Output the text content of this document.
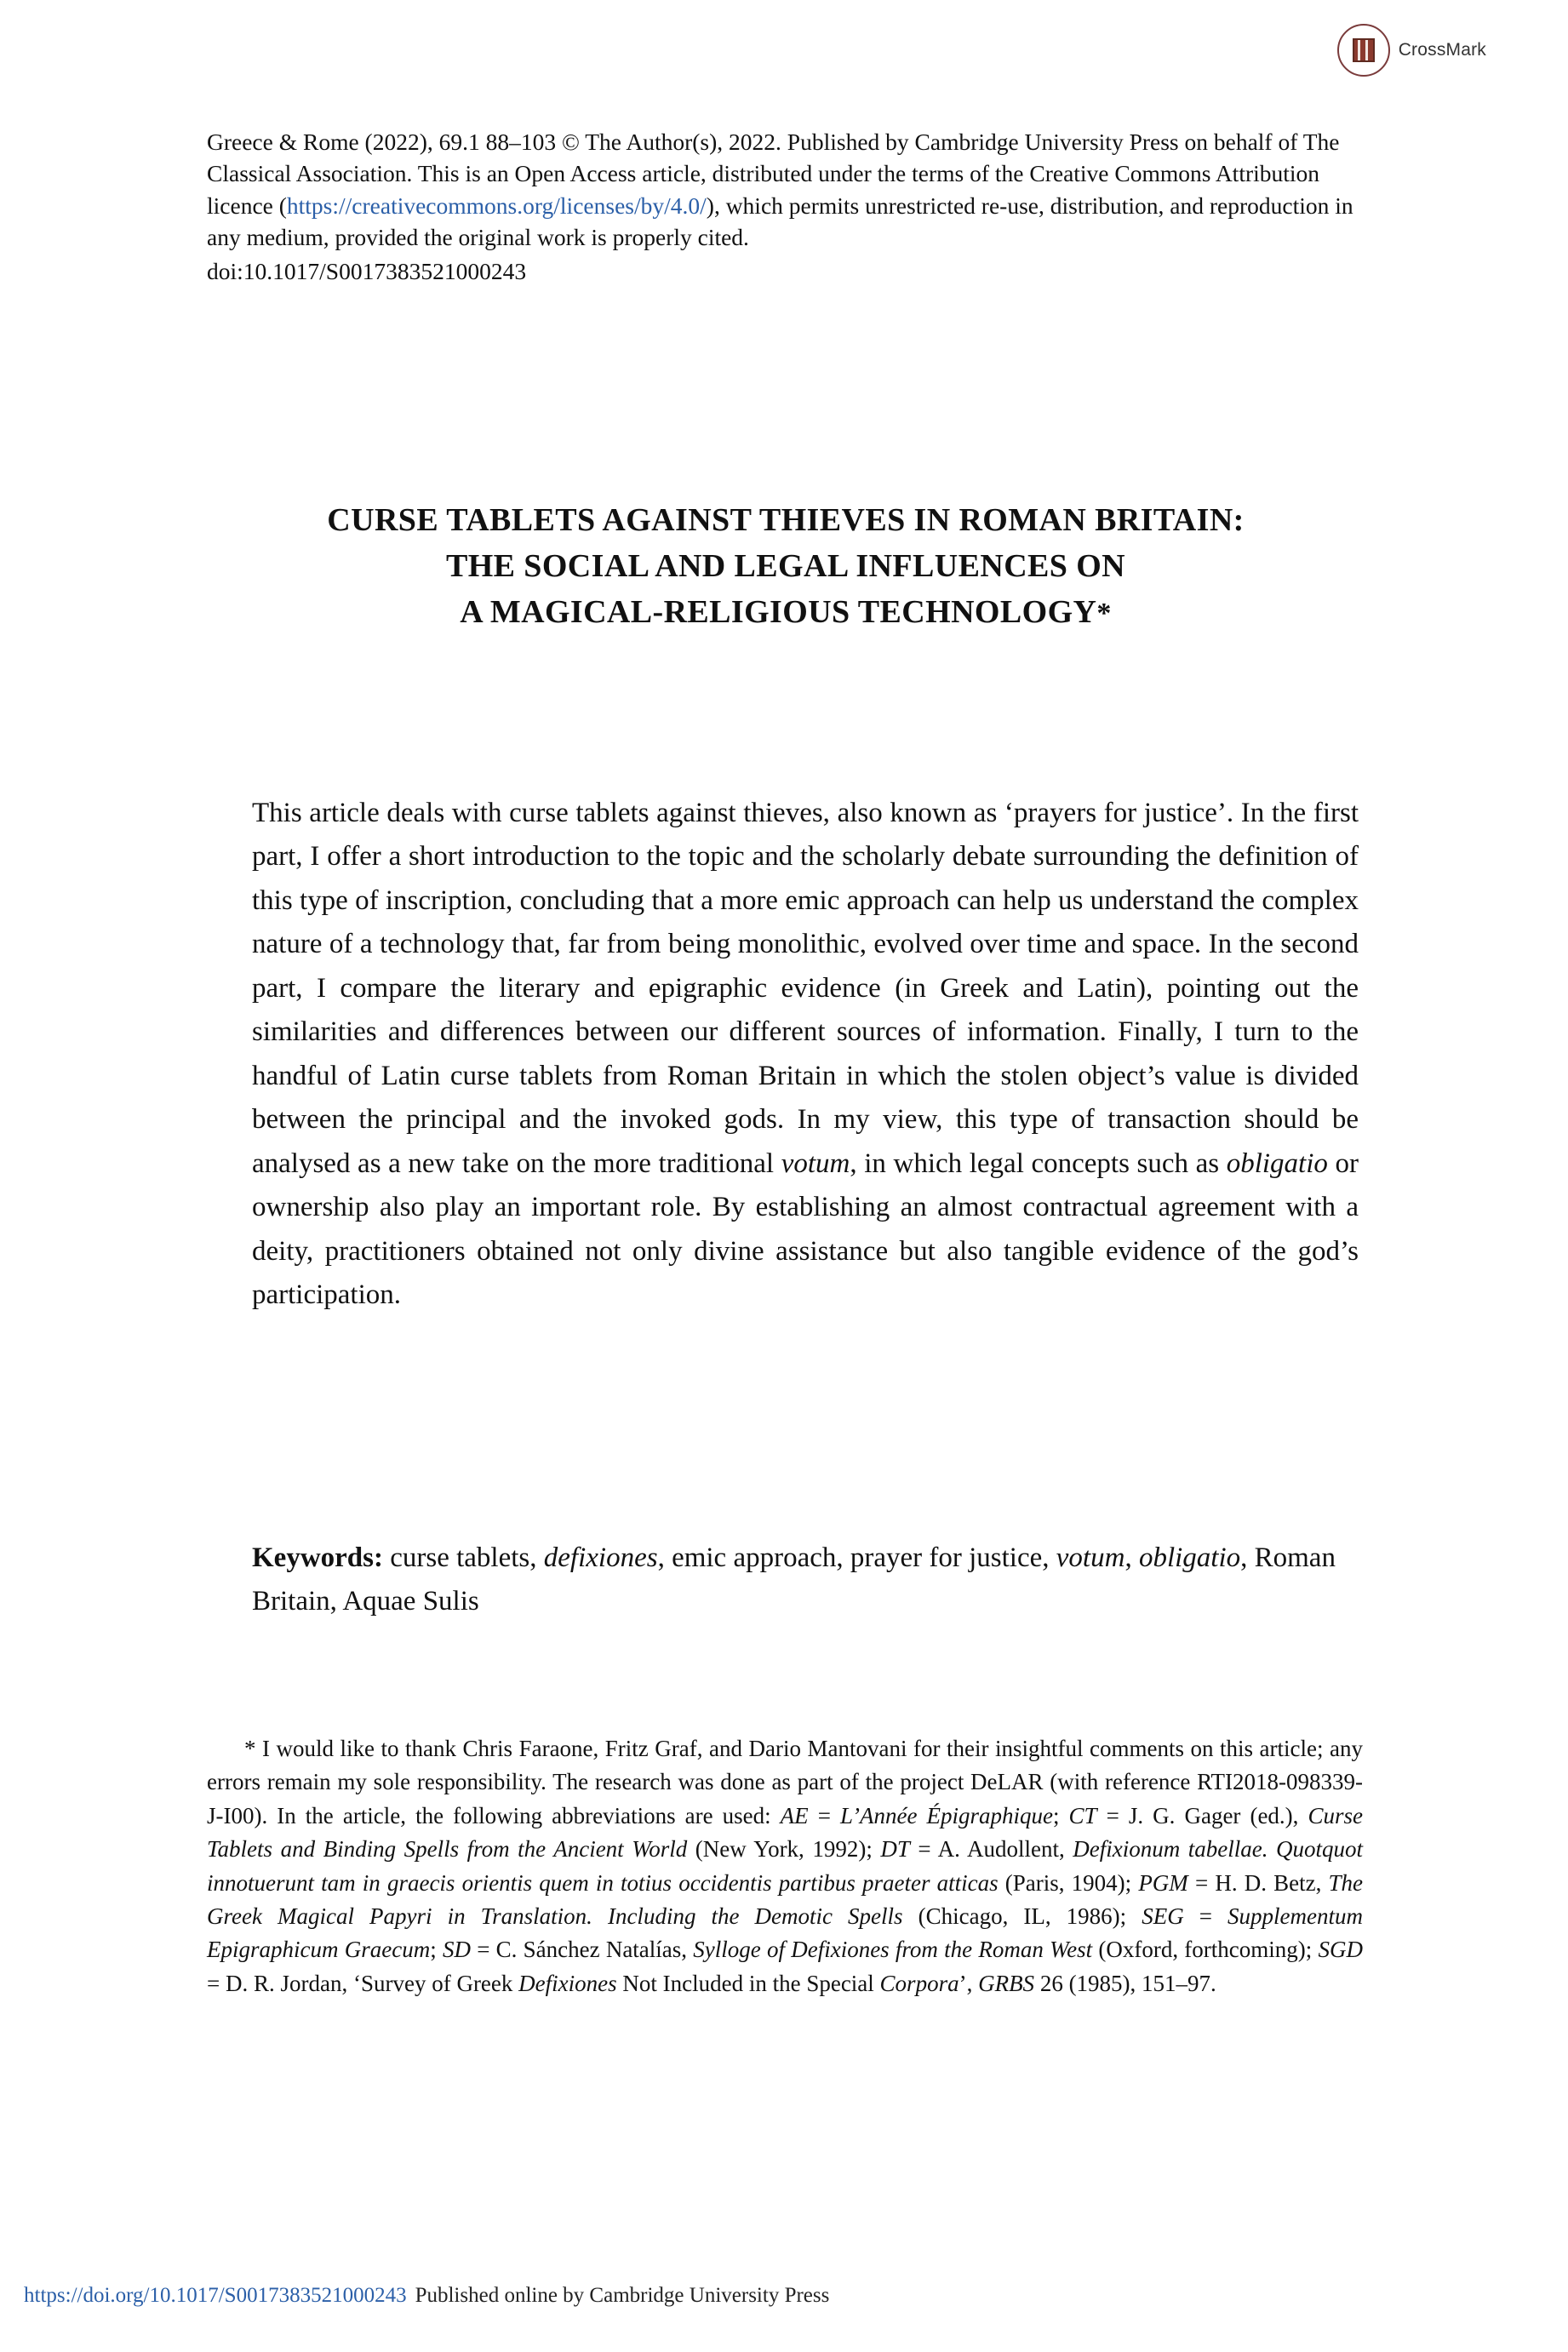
CrossMark
Greece & Rome (2022), 69.1 88–103 © The Author(s), 2022. Published by Cambridge University Press on behalf of The Classical Association. This is an Open Access article, distributed under the terms of the Creative Commons Attribution licence (https://creativecommons.org/licenses/by/4.0/), which permits unrestricted re-use, distribution, and reproduction in any medium, provided the original work is properly cited.
doi:10.1017/S0017383521000243
CURSE TABLETS AGAINST THIEVES IN ROMAN BRITAIN:
THE SOCIAL AND LEGAL INFLUENCES ON
A MAGICAL-RELIGIOUS TECHNOLOGY*
This article deals with curse tablets against thieves, also known as ‘prayers for justice’. In the first part, I offer a short introduction to the topic and the scholarly debate surrounding the definition of this type of inscription, concluding that a more emic approach can help us understand the complex nature of a technology that, far from being monolithic, evolved over time and space. In the second part, I compare the literary and epigraphic evidence (in Greek and Latin), pointing out the similarities and differences between our different sources of information. Finally, I turn to the handful of Latin curse tablets from Roman Britain in which the stolen object’s value is divided between the principal and the invoked gods. In my view, this type of transaction should be analysed as a new take on the more traditional votum, in which legal concepts such as obligatio or ownership also play an important role. By establishing an almost contractual agreement with a deity, practitioners obtained not only divine assistance but also tangible evidence of the god’s participation.
Keywords: curse tablets, defixiones, emic approach, prayer for justice, votum, obligatio, Roman Britain, Aquae Sulis
* I would like to thank Chris Faraone, Fritz Graf, and Dario Mantovani for their insightful comments on this article; any errors remain my sole responsibility. The research was done as part of the project DeLAR (with reference RTI2018-098339-J-I00). In the article, the following abbreviations are used: AE = L’Année Épigraphique; CT = J. G. Gager (ed.), Curse Tablets and Binding Spells from the Ancient World (New York, 1992); DT = A. Audollent, Defixionum tabellae. Quotquot innotuerunt tam in graecis orientis quem in totius occidentis partibus praeter atticas (Paris, 1904); PGM = H. D. Betz, The Greek Magical Papyri in Translation. Including the Demotic Spells (Chicago, IL, 1986); SEG = Supplementum Epigraphicum Graecum; SD = C. Sánchez Natalías, Sylloge of Defixiones from the Roman West (Oxford, forthcoming); SGD = D. R. Jordan, ‘Survey of Greek Defixiones Not Included in the Special Corpora’, GRBS 26 (1985), 151–97.
https://doi.org/10.1017/S0017383521000243 Published online by Cambridge University Press
